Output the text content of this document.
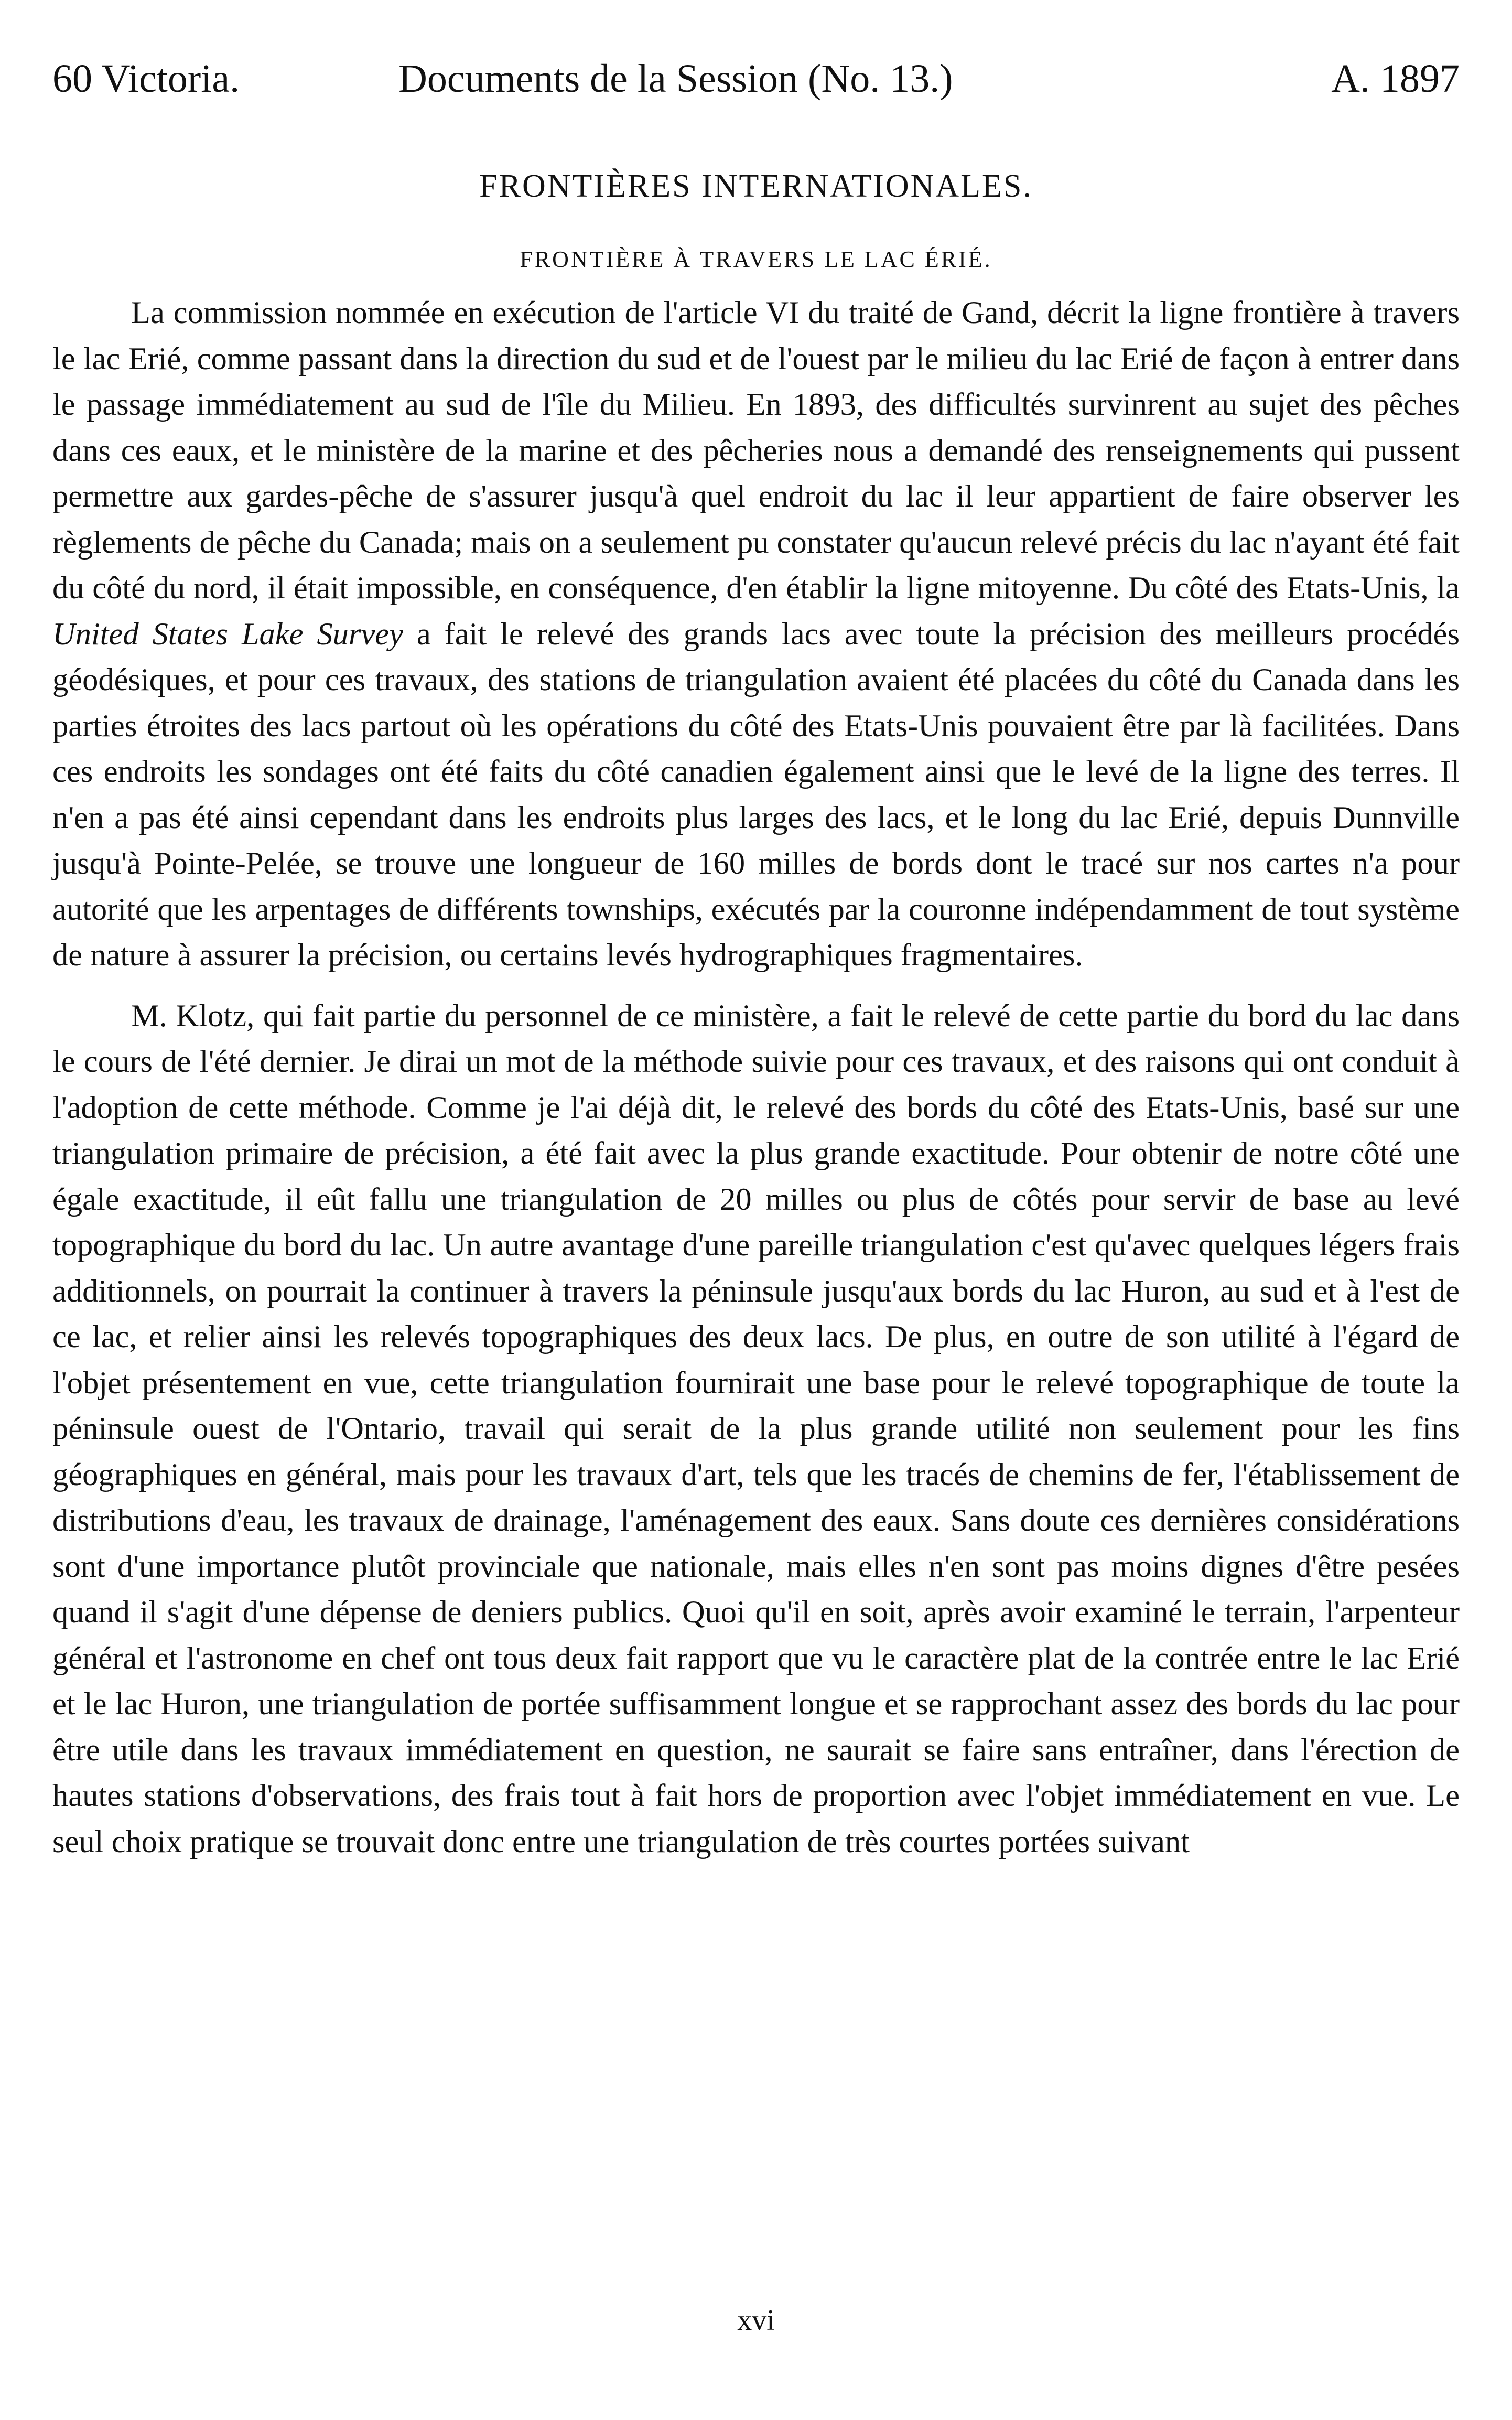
60 Victoria.	Documents de la Session (No. 13.)	A. 1897
FRONTIÈRES INTERNATIONALES.
FRONTIÈRE À TRAVERS LE LAC ÉRIÉ.

La commission nommée en exécution de l'article VI du traité de Gand, décrit la ligne frontière à travers le lac Erié, comme passant dans la direction du sud et de l'ouest par le milieu du lac Erié de façon à entrer dans le passage immédiatement au sud de l'île du Milieu. En 1893, des difficultés survinrent au sujet des pêches dans ces eaux, et le ministère de la marine et des pêcheries nous a demandé des renseignements qui pussent permettre aux gardes-pêche de s'assurer jusqu'à quel endroit du lac il leur appartient de faire observer les règlements de pêche du Canada; mais on a seulement pu constater qu'aucun relevé précis du lac n'ayant été fait du côté du nord, il était impossible, en conséquence, d'en établir la ligne mitoyenne. Du côté des Etats-Unis, la United States Lake Survey a fait le relevé des grands lacs avec toute la précision des meilleurs procédés géodésiques, et pour ces travaux, des stations de triangulation avaient été placées du côté du Canada dans les parties étroites des lacs partout où les opérations du côté des Etats-Unis pouvaient être par là facilitées. Dans ces endroits les sondages ont été faits du côté canadien également ainsi que le levé de la ligne des terres. Il n'en a pas été ainsi cependant dans les endroits plus larges des lacs, et le long du lac Erié, depuis Dunnville jusqu'à Pointe-Pelée, se trouve une longueur de 160 milles de bords dont le tracé sur nos cartes n'a pour autorité que les arpentages de différents townships, exécutés par la couronne indépendamment de tout système de nature à assurer la précision, ou certains levés hydrographiques fragmentaires.

M. Klotz, qui fait partie du personnel de ce ministère, a fait le relevé de cette partie du bord du lac dans le cours de l'été dernier. Je dirai un mot de la méthode suivie pour ces travaux, et des raisons qui ont conduit à l'adoption de cette méthode. Comme je l'ai déjà dit, le relevé des bords du côté des Etats-Unis, basé sur une triangulation primaire de précision, a été fait avec la plus grande exactitude. Pour obtenir de notre côté une égale exactitude, il eût fallu une triangulation de 20 milles ou plus de côtés pour servir de base au levé topographique du bord du lac. Un autre avantage d'une pareille triangulation c'est qu'avec quelques légers frais additionnels, on pourrait la continuer à travers la péninsule jusqu'aux bords du lac Huron, au sud et à l'est de ce lac, et relier ainsi les relevés topographiques des deux lacs. De plus, en outre de son utilité à l'égard de l'objet présentement en vue, cette triangulation fournirait une base pour le relevé topographique de toute la péninsule ouest de l'Ontario, travail qui serait de la plus grande utilité non seulement pour les fins géographiques en général, mais pour les travaux d'art, tels que les tracés de chemins de fer, l'établissement de distributions d'eau, les travaux de drainage, l'aménagement des eaux. Sans doute ces dernières considérations sont d'une importance plutôt provinciale que nationale, mais elles n'en sont pas moins dignes d'être pesées quand il s'agit d'une dépense de deniers publics. Quoi qu'il en soit, après avoir examiné le terrain, l'arpenteur général et l'astronome en chef ont tous deux fait rapport que vu le caractère plat de la contrée entre le lac Erié et le lac Huron, une triangulation de portée suffisamment longue et se rapprochant assez des bords du lac pour être utile dans les travaux immédiatement en question, ne saurait se faire sans entraîner, dans l'érection de hautes stations d'observations, des frais tout à fait hors de proportion avec l'objet immédiatement en vue. Le seul choix pratique se trouvait donc entre une triangulation de très courtes portées suivant

xvi
